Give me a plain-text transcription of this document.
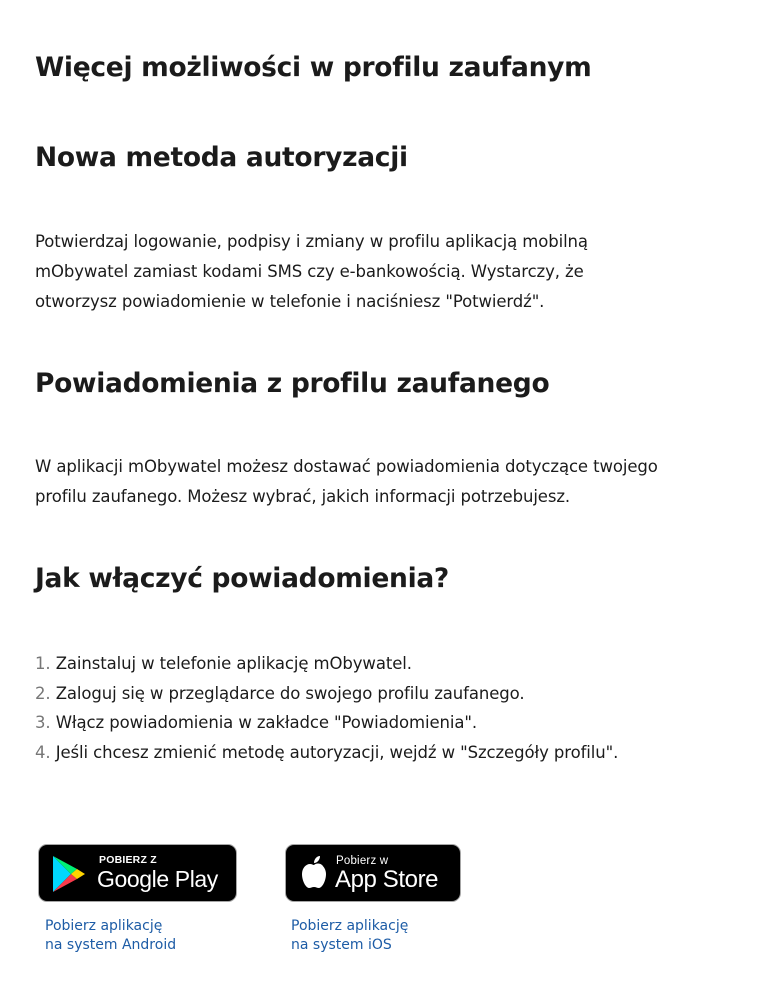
Więcej możliwości w profilu zaufanym
Nowa metoda autoryzacji
Potwierdzaj logowanie, podpisy i zmiany w profilu aplikacją mobilną
mObywatel zamiast kodami SMS czy e-bankowością. Wystarczy, że
otworzysz powiadomienie w telefonie i naciśniesz "Potwierdź".
Powiadomienia z profilu zaufanego
W aplikacji mObywatel możesz dostawać powiadomienia dotyczące twojego
profilu zaufanego. Możesz wybrać, jakich informacji potrzebujesz.
Jak włączyć powiadomienia?
1. Zainstaluj w telefonie aplikację mObywatel.
2. Zaloguj się w przeglądarce do swojego profilu zaufanego.
3. Włącz powiadomienia w zakładce "Powiadomienia".
4. Jeśli chcesz zmienić metodę autoryzacji, wejdź w "Szczegóły profilu".
POBIERZ Z
Google Play
Pobierz w
App Store
Pobierz aplikację
na system Android
Pobierz aplikację
na system iOS
